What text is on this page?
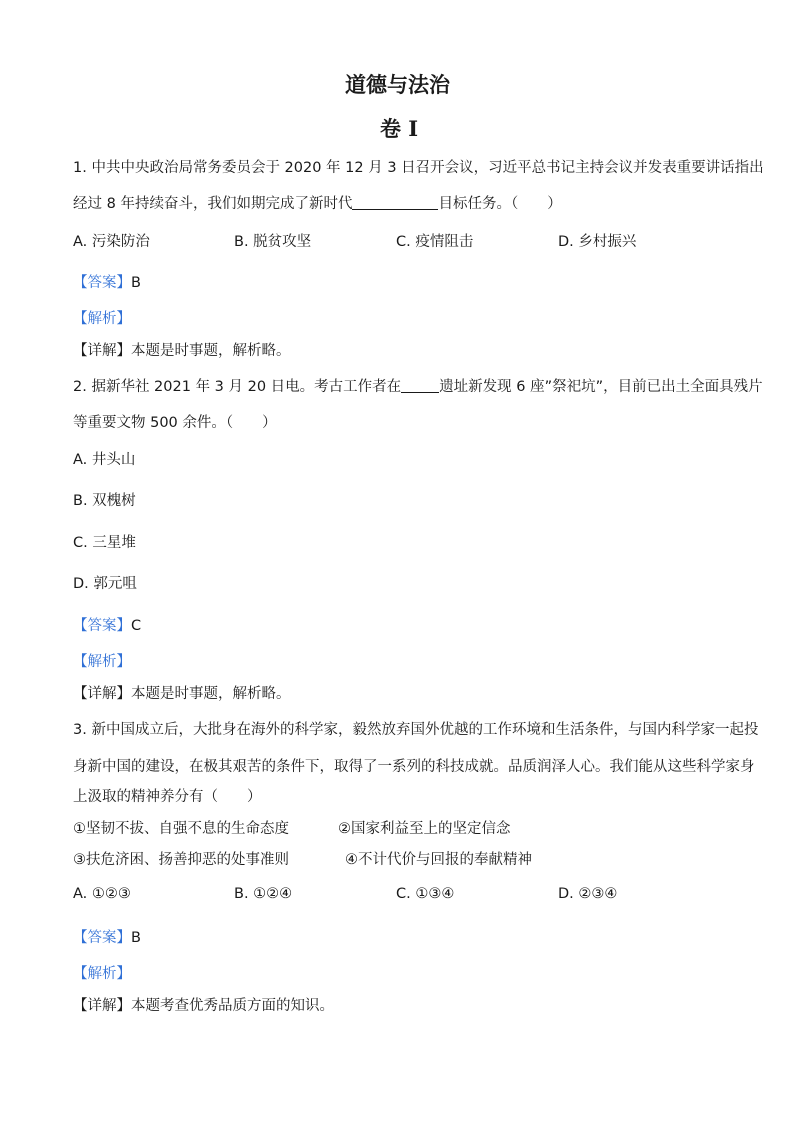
道德与法治
卷 I
1. 中共中央政治局常务委员会于 2020 年 12 月 3 日召开会议，习近平总书记主持会议并发表重要讲话指出
经过 8 年持续奋斗，我们如期完成了新时代	目标任务。（　　）
A. 污染防治	B. 脱贫攻坚	C. 疫情阻击	D. 乡村振兴
【答案】B
【解析】
【详解】本题是时事题，解析略。
2. 据新华社 2021 年 3 月 20 日电。考古工作者在	遗址新发现 6 座”祭祀坑”，目前已出土全面具残片
等重要文物 500 余件。（　　）
A. 井头山
B. 双槐树
C. 三星堆
D. 郭元咀
【答案】C
【解析】
【详解】本题是时事题，解析略。
3. 新中国成立后，大批身在海外的科学家，毅然放弃国外优越的工作环境和生活条件，与国内科学家一起投
身新中国的建设，在极其艰苦的条件下，取得了一系列的科技成就。品质润泽人心。我们能从这些科学家身
上汲取的精神养分有（　　）
①坚韧不拔、自强不息的生命态度	②国家利益至上的坚定信念
③扶危济困、扬善抑恶的处事准则	④不计代价与回报的奉献精神
A. ①②③	B. ①②④	C. ①③④	D. ②③④
【答案】B
【解析】
【详解】本题考查优秀品质方面的知识。
